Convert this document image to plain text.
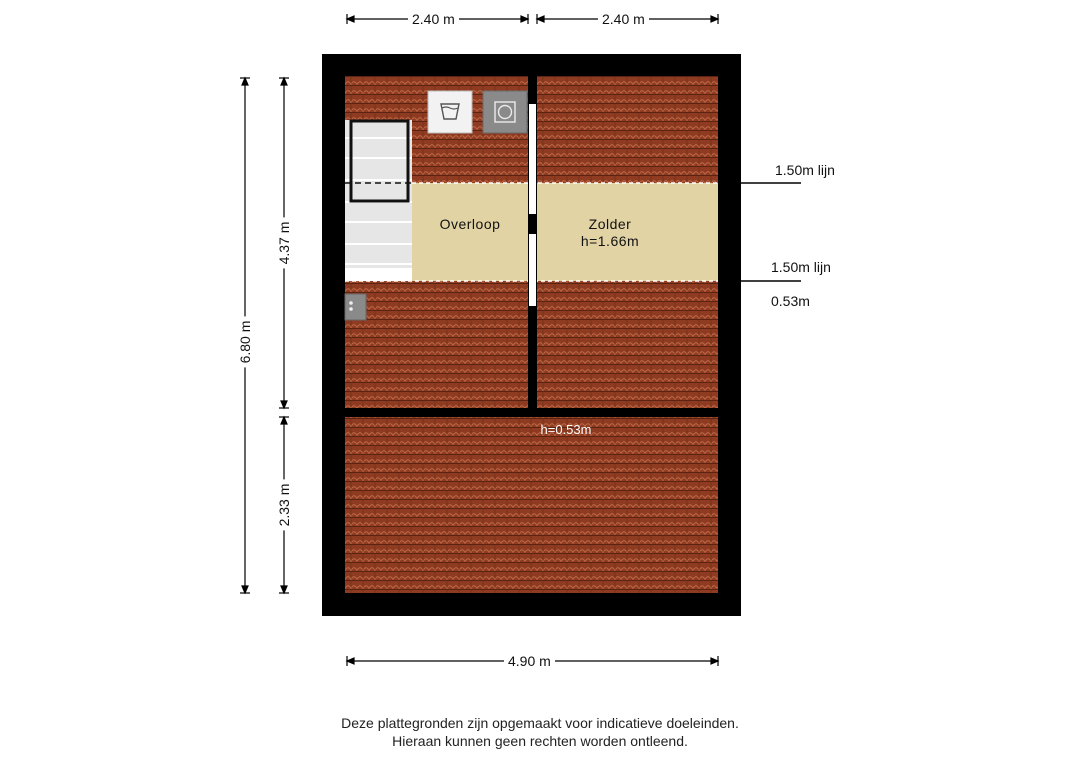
2.40 m	2.40 m
4.90 m
6.80 m
4.37 m
2.33 m
Overloop	Zolder
h=1.66m
h=0.53m
1.50m lijn
1.50m lijn
0.53m
Deze plattegronden zijn opgemaakt voor indicatieve doeleinden.
Hieraan kunnen geen rechten worden ontleend.
